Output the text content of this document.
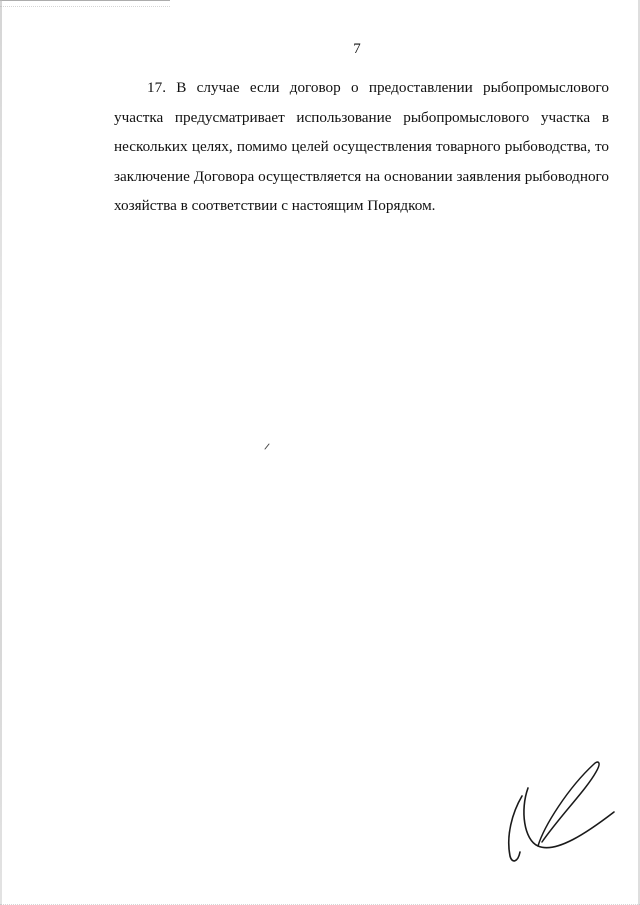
7

17. В случае если договор о предоставлении рыбопромыслового участка предусматривает использование рыбопромыслового участка в нескольких целях, помимо целей осуществления товарного рыбоводства, то заключение Договора осуществляется на основании заявления рыбоводного хозяйства в соответствии с настоящим Порядком.
